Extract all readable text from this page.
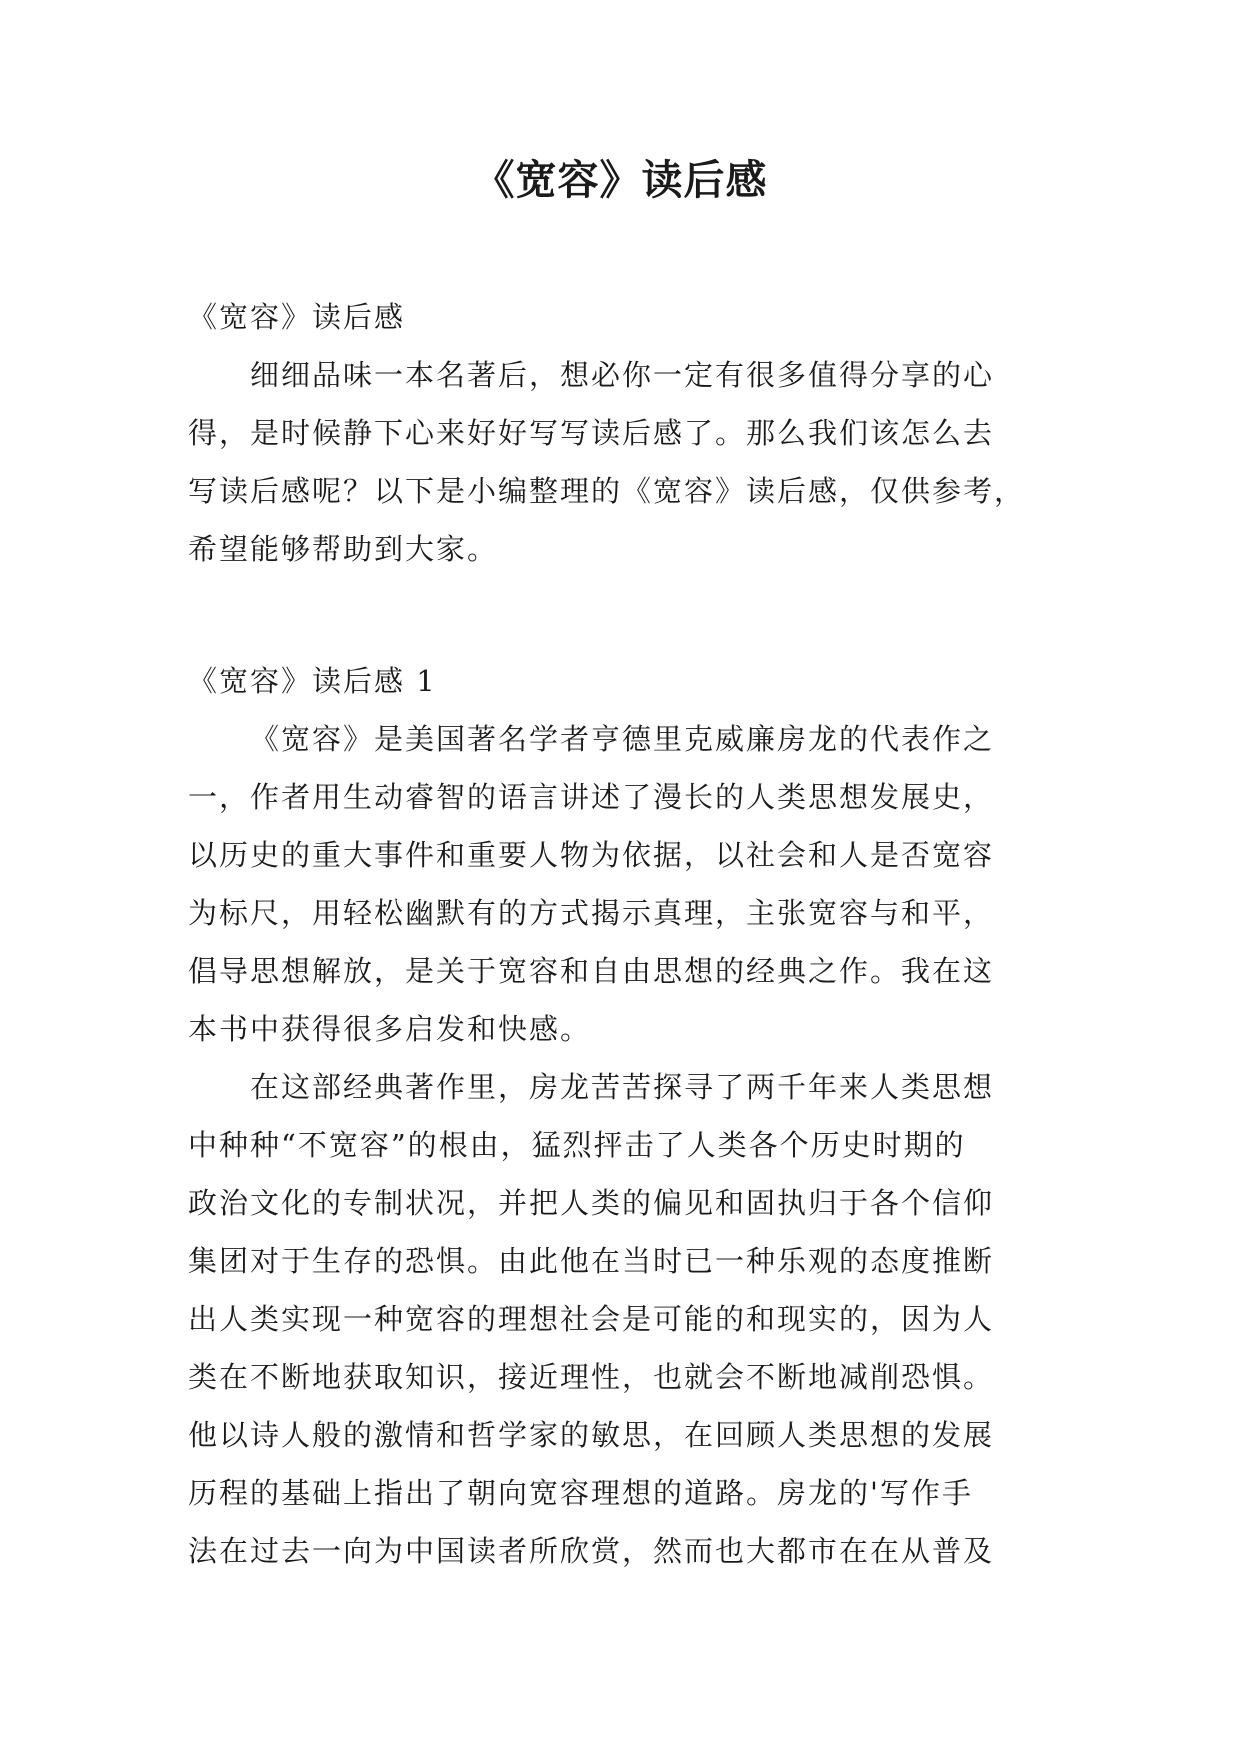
《宽容》读后感
《宽容》读后感
细细品味一本名著后，想必你一定有很多值得分享的心
得，是时候静下心来好好写写读后感了。那么我们该怎么去
写读后感呢？以下是小编整理的《宽容》读后感，仅供参考，
希望能够帮助到大家。
《宽容》读后感 1
《宽容》是美国著名学者亨德里克威廉房龙的代表作之
一，作者用生动睿智的语言讲述了漫长的人类思想发展史，
以历史的重大事件和重要人物为依据，以社会和人是否宽容
为标尺，用轻松幽默有的方式揭示真理，主张宽容与和平，
倡导思想解放，是关于宽容和自由思想的经典之作。我在这
本书中获得很多启发和快感。
在这部经典著作里，房龙苦苦探寻了两千年来人类思想
中种种“不宽容”的根由，猛烈抨击了人类各个历史时期的
政治文化的专制状况，并把人类的偏见和固执归于各个信仰
集团对于生存的恐惧。由此他在当时已一种乐观的态度推断
出人类实现一种宽容的理想社会是可能的和现实的，因为人
类在不断地获取知识，接近理性，也就会不断地减削恐惧。
他以诗人般的激情和哲学家的敏思，在回顾人类思想的发展
历程的基础上指出了朝向宽容理想的道路。房龙的'写作手
法在过去一向为中国读者所欣赏，然而也大都市在在从普及
